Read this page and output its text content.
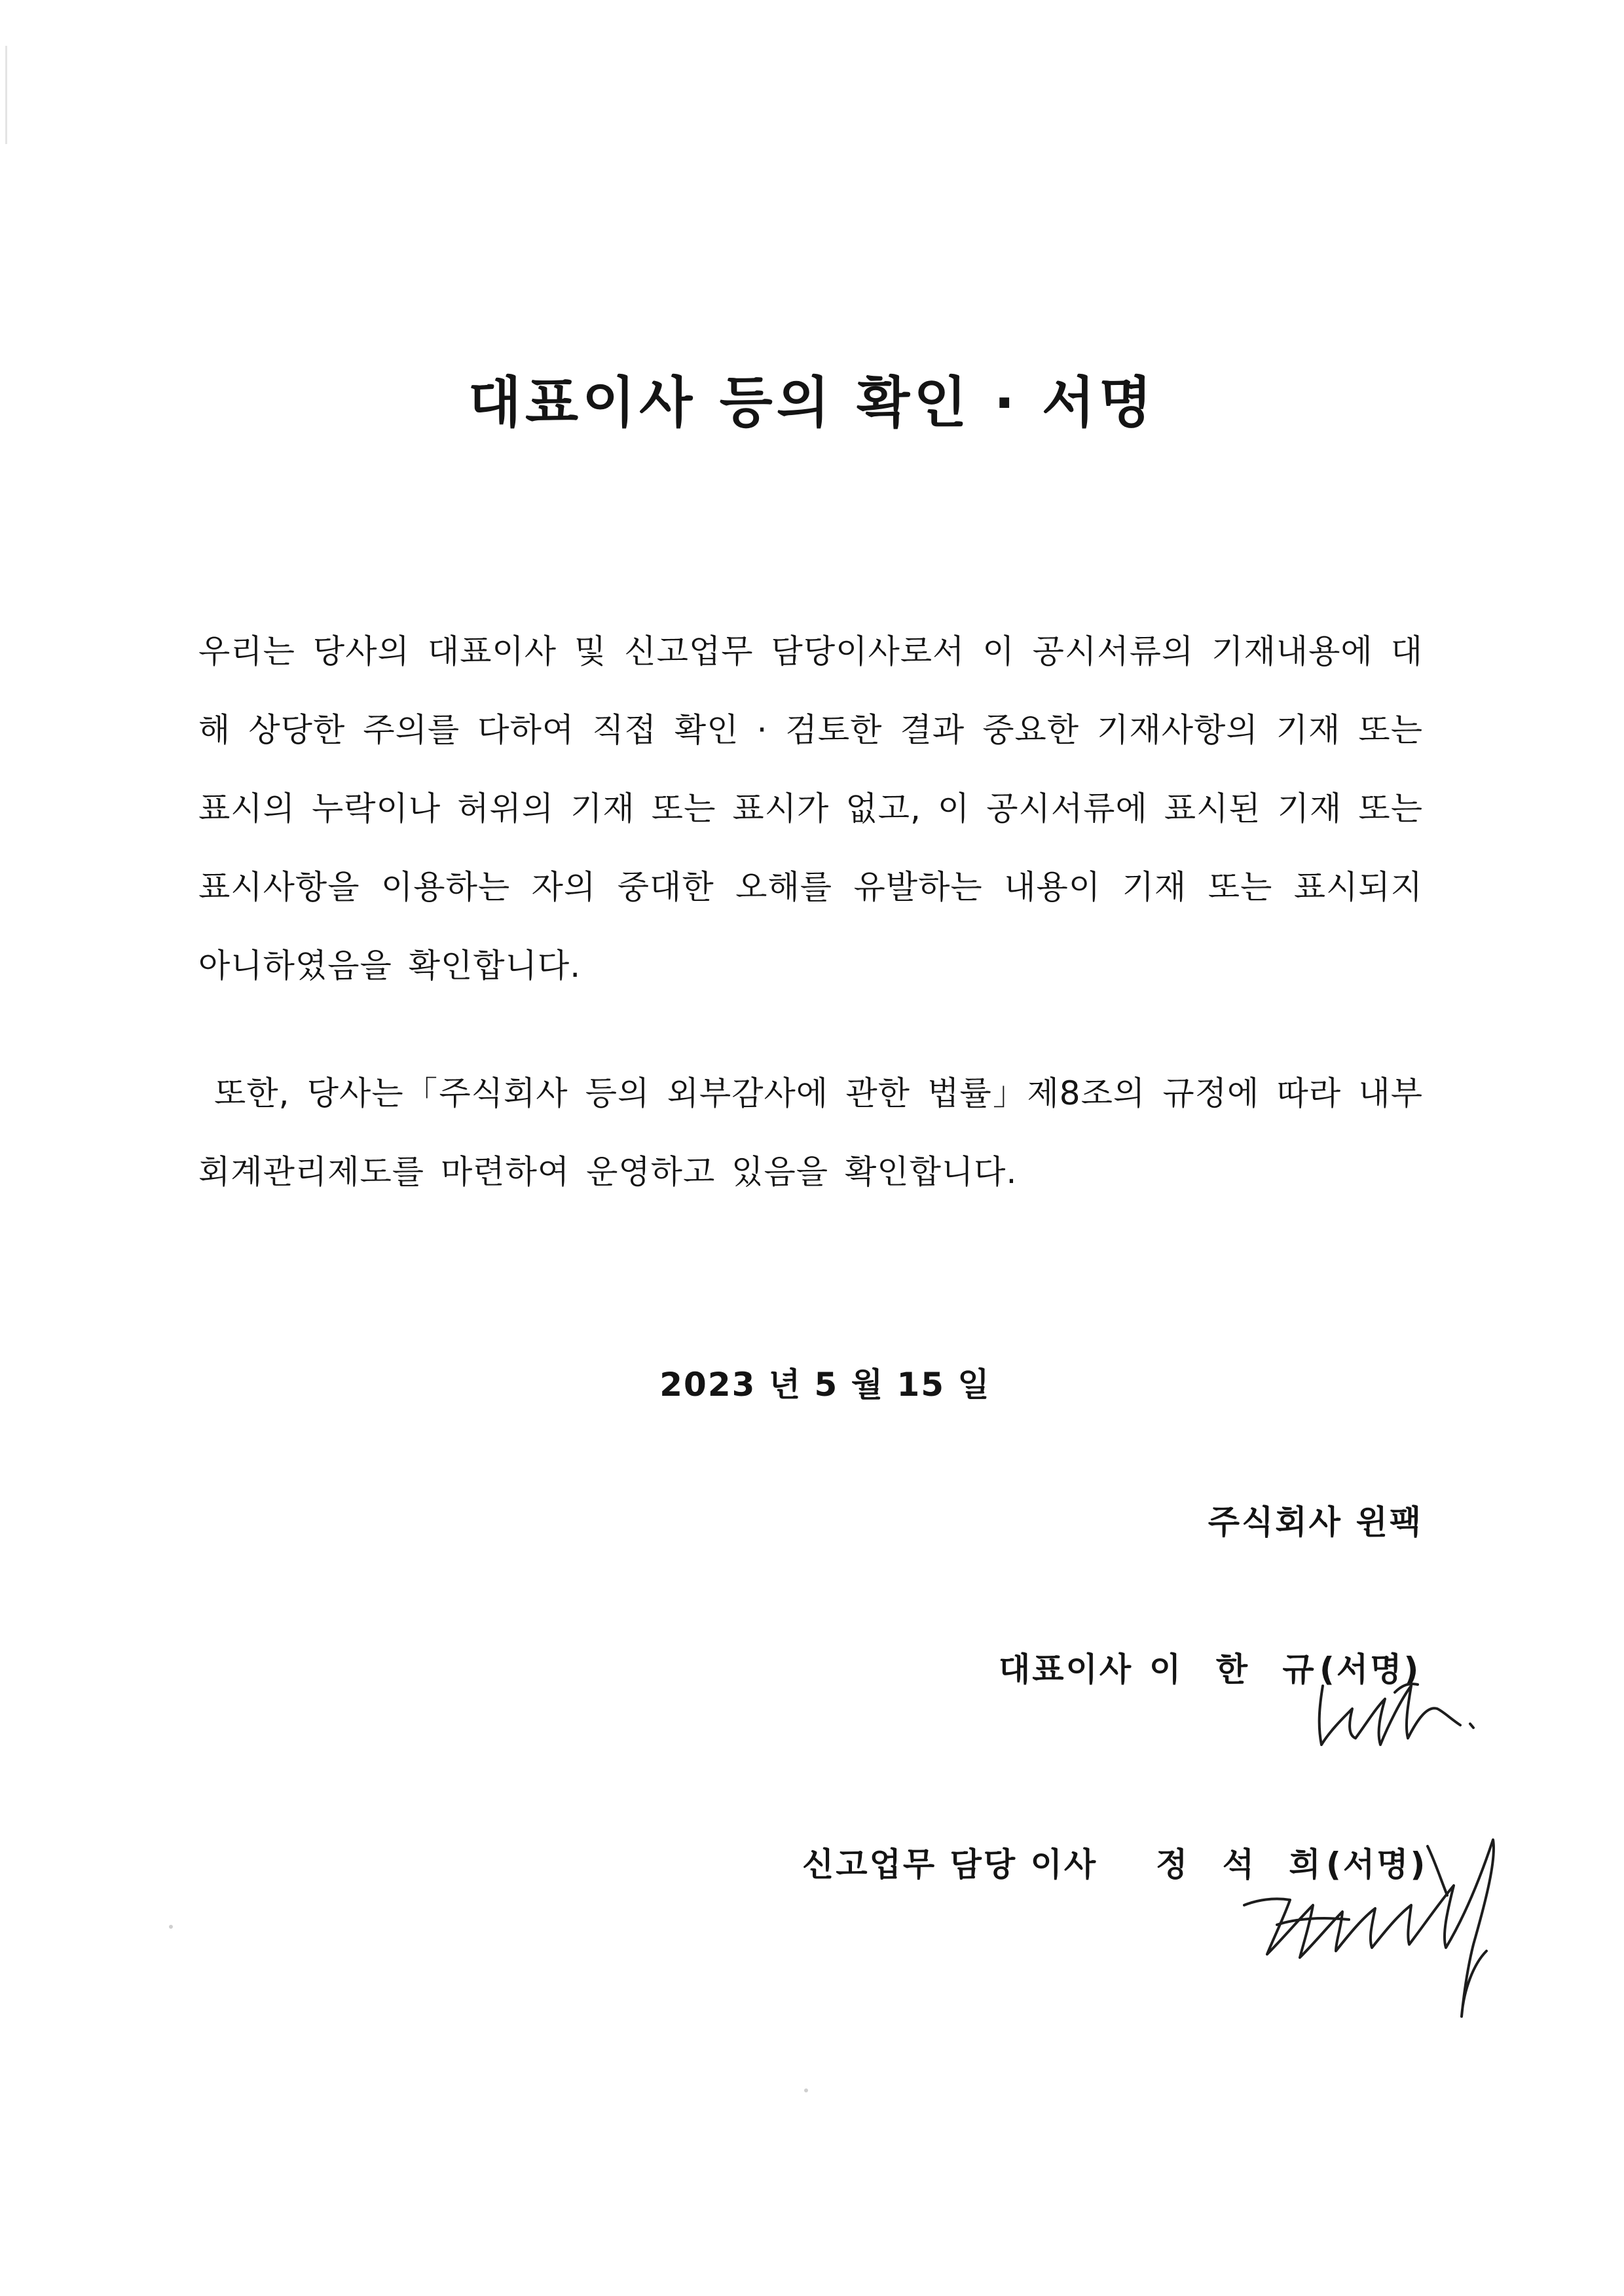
대표이사 등의 확인 · 서명
우리는 당사의 대표이사 및 신고업무 담당이사로서 이 공시서류의 기재내용에 대해 상당한 주의를 다하여 직접 확인 · 검토한 결과 중요한 기재사항의 기재 또는 표시의 누락이나 허위의 기재 또는 표시가 없고, 이 공시서류에 표시된 기재 또는 표시사항을 이용하는 자의 중대한 오해를 유발하는 내용이 기재 또는 표시되지 아니하였음을 확인합니다.
또한, 당사는「주식회사 등의 외부감사에 관한 법률」제8조의 규정에 따라 내부회계관리제도를 마련하여 운영하고 있음을 확인합니다.
2023 년 5 월 15 일
주식회사 윈팩
대표이사 이 한 규(서명)
신고업무 담당 이사 정 석 희(서명)
